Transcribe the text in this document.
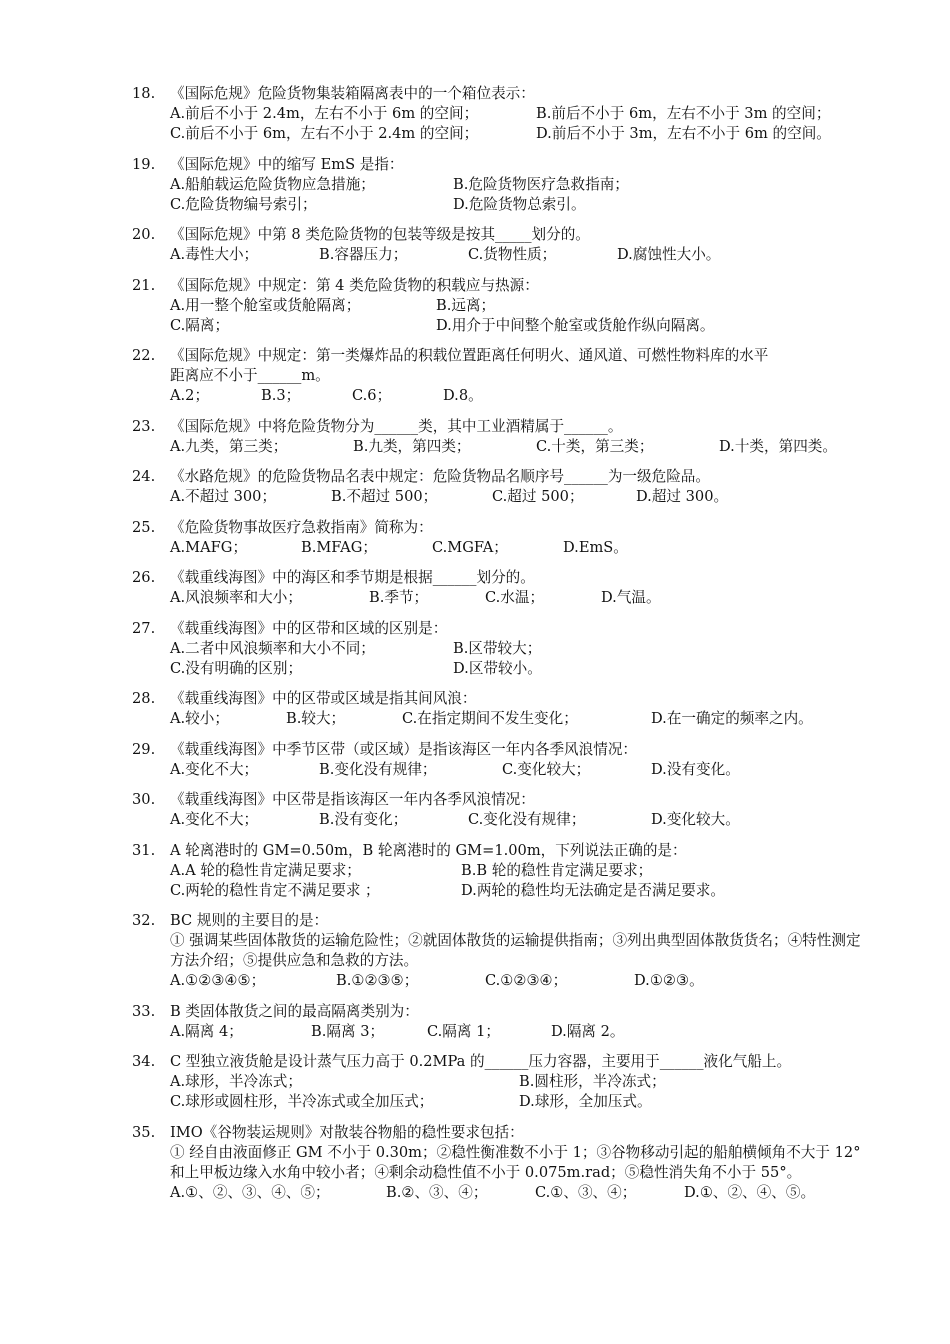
18.	《国际危规》危险货物集装箱隔离表中的一个箱位表示：
A.前后不小于 2.4m，左右不小于 6m 的空间；	B.前后不小于 6m，左右不小于 3m 的空间；
C.前后不小于 6m，左右不小于 2.4m 的空间；	D.前后不小于 3m，左右不小于 6m 的空间。
19.	《国际危规》中的缩写 EmS 是指：
A.船舶载运危险货物应急措施；	B.危险货物医疗急救指南；
C.危险货物编号索引；	D.危险货物总索引。
20.	《国际危规》中第 8 类危险货物的包装等级是按其_____划分的。
A.毒性大小；	B.容器压力；	C.货物性质；	D.腐蚀性大小。
21.	《国际危规》中规定：第 4 类危险货物的积载应与热源：
A.用一整个舱室或货舱隔离；	B.远离；
C.隔离；	D.用介于中间整个舱室或货舱作纵向隔离。
22.	《国际危规》中规定：第一类爆炸品的积载位置距离任何明火、通风道、可燃性物料库的水平
距离应不小于______m。
A.2；	B.3；	C.6；	D.8。
23.	《国际危规》中将危险货物分为______类，其中工业酒精属于______。
A.九类，第三类；	B.九类，第四类；	C.十类，第三类；	D.十类，第四类。
24.	《水路危规》的危险货物品名表中规定：危险货物品名顺序号______为一级危险品。
A.不超过 300；	B.不超过 500；	C.超过 500；	D.超过 300。
25.	《危险货物事故医疗急救指南》简称为：
A.MAFG；	B.MFAG；	C.MGFA；	D.EmS。
26.	《载重线海图》中的海区和季节期是根据______划分的。
A.风浪频率和大小；	B.季节；	C.水温；	D.气温。
27.	《载重线海图》中的区带和区域的区别是：
A.二者中风浪频率和大小不同；	B.区带较大；
C.没有明确的区别；	D.区带较小。
28.	《载重线海图》中的区带或区域是指其间风浪：
A.较小；	B.较大；	C.在指定期间不发生变化；	D.在一确定的频率之内。
29.	《载重线海图》中季节区带（或区域）是指该海区一年内各季风浪情况：
A.变化不大；	B.变化没有规律；	C.变化较大；	D.没有变化。
30.	《载重线海图》中区带是指该海区一年内各季风浪情况：
A.变化不大；	B.没有变化；	C.变化没有规律；	D.变化较大。
31.	A 轮离港时的 GM=0.50m，B 轮离港时的 GM=1.00m，下列说法正确的是：
A.A 轮的稳性肯定满足要求；	B.B 轮的稳性肯定满足要求；
C.两轮的稳性肯定不满足要求 ；	D.两轮的稳性均无法确定是否满足要求。
32.	BC 规则的主要目的是：
① 强调某些固体散货的运输危险性；②就固体散货的运输提供指南；③列出典型固体散货货名；④特性测定方法介绍；⑤提供应急和急救的方法。
A.①②③④⑤；	B.①②③⑤；	C.①②③④；	D.①②③。
33.	B 类固体散货之间的最高隔离类别为：
A.隔离 4；	B.隔离 3；	C.隔离 1；	D.隔离 2。
34.	C 型独立液货舱是设计蒸气压力高于 0.2MPa 的______压力容器，主要用于______液化气船上。
A.球形，半冷冻式；	B.圆柱形，半冷冻式；
C.球形或圆柱形，半冷冻式或全加压式；	D.球形，全加压式。
35.	IMO《谷物装运规则》对散装谷物船的稳性要求包括：
① 经自由液面修正 GM 不小于 0.30m；②稳性衡准数不小于 1；③谷物移动引起的船舶横倾角不大于 12°和上甲板边缘入水角中较小者；④剩余动稳性值不小于 0.075m.rad；⑤稳性消失角不小于 55°。
A.①、②、③、④、⑤；	B.②、③、④；	C.①、③、④；	D.①、②、④、⑤。
